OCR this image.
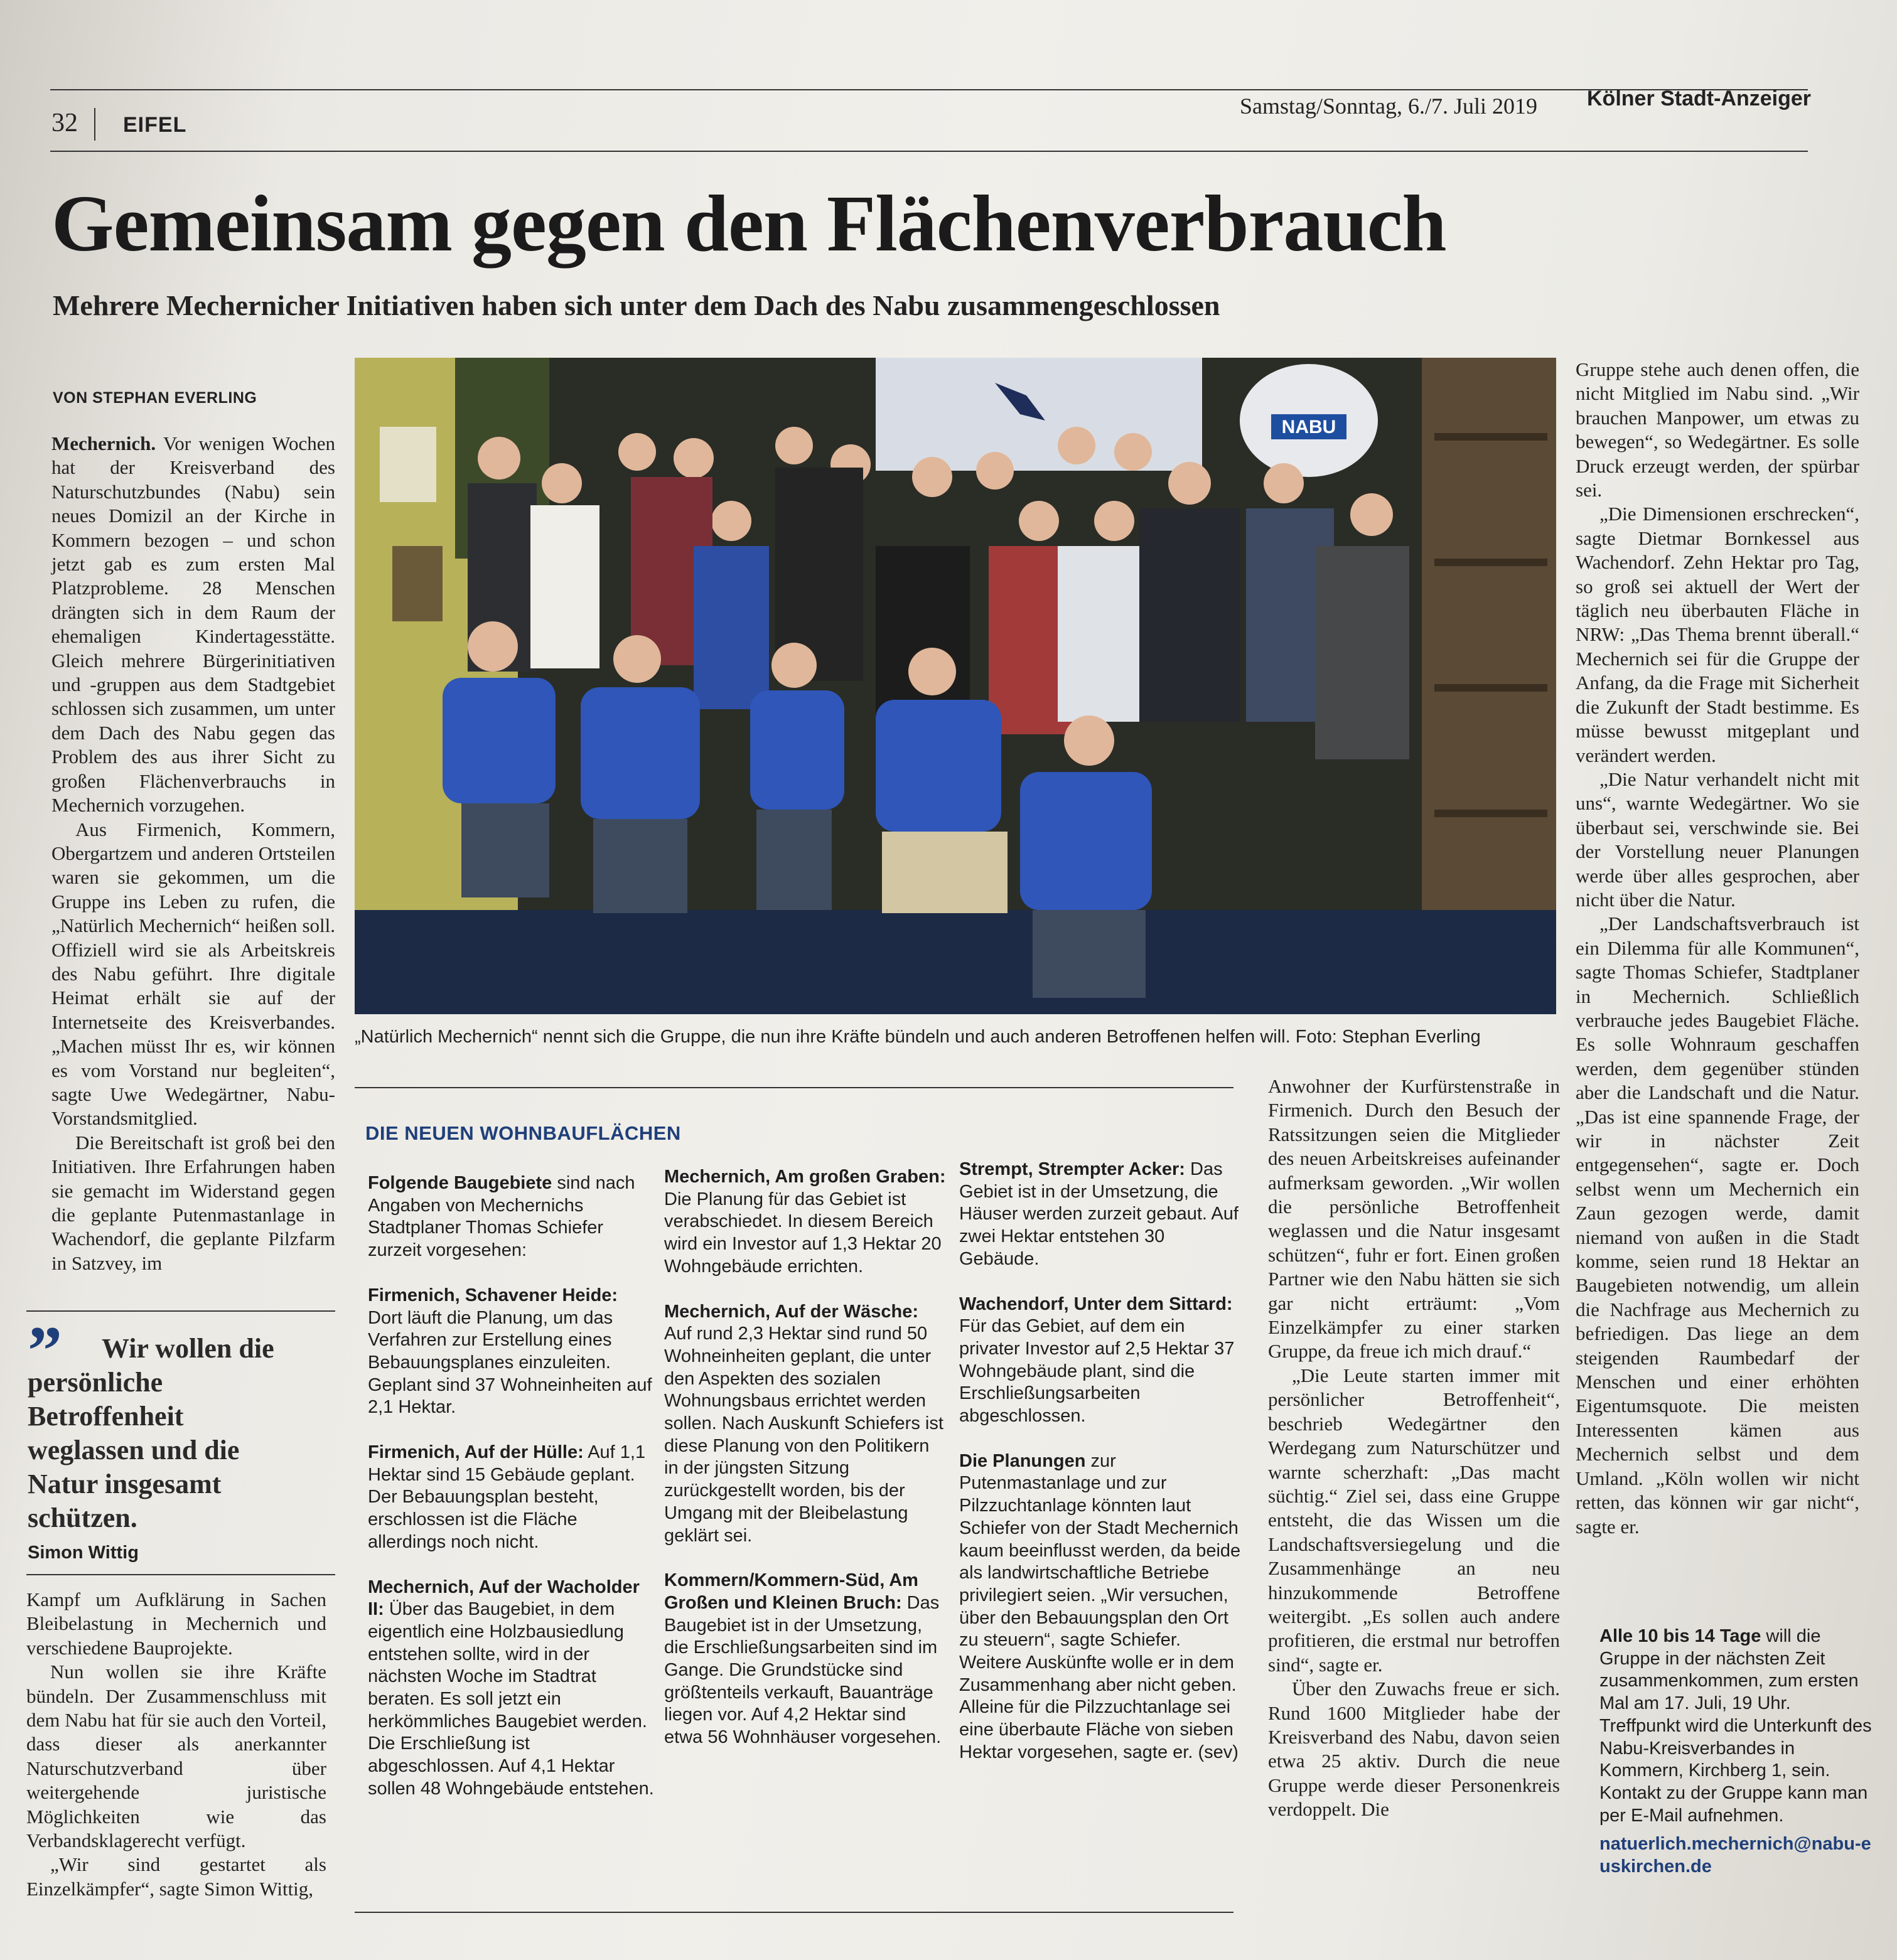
32 EIFEL
Samstag/Sonntag, 6./7. Juli 2019 Kölner Stadt-Anzeiger
Gemeinsam gegen den Flächenverbrauch
Mehrere Mechernicher Initiativen haben sich unter dem Dach des Nabu zusammengeschlossen
VON STEPHAN EVERLING

Mechernich. Vor wenigen Wochen hat der Kreisverband des Naturschutzbundes (Nabu) sein neues Domizil an der Kirche in Kommern bezogen – und schon jetzt gab es zum ersten Mal Platzprobleme. 28 Menschen drängten sich in dem Raum der ehemaligen Kindertagesstätte. Gleich mehrere Bürgerinitiativen und -gruppen aus dem Stadtgebiet schlossen sich zusammen, um unter dem Dach des Nabu gegen das Problem des aus ihrer Sicht zu großen Flächenverbrauchs in Mechernich vorzugehen.

Aus Firmenich, Kommern, Obergartzem und anderen Ortsteilen waren sie gekommen, um die Gruppe ins Leben zu rufen, die „Natürlich Mechernich“ heißen soll. Offiziell wird sie als Arbeitskreis des Nabu geführt. Ihre digitale Heimat erhält sie auf der Internetseite des Kreisverbandes. „Machen müsst Ihr es, wir können es vom Vorstand nur begleiten“, sagte Uwe Wedegärtner, Nabu-Vorstandsmitglied.

Die Bereitschaft ist groß bei den Initiativen. Ihre Erfahrungen haben sie gemacht im Widerstand gegen die geplante Putenmastanlage in Wachendorf, die geplante Pilzfarm in Satzvey, im

”	Wir wollen die persönliche Betroffenheit weglassen und die Natur insgesamt schützen.
Simon Wittig

Kampf um Aufklärung in Sachen Bleibelastung in Mechernich und verschiedene Bauprojekte.

Nun wollen sie ihre Kräfte bündeln. Der Zusammenschluss mit dem Nabu hat für sie auch den Vorteil, dass dieser als anerkannter Naturschutzverband über weitergehende juristische Möglichkeiten wie das Verbandsklagerecht verfügt.

„Wir sind gestartet als Einzelkämpfer“, sagte Simon Wittig,

NABU
„Natürlich Mechernich“ nennt sich die Gruppe, die nun ihre Kräfte bündeln und auch anderen Betroffenen helfen will. Foto: Stephan Everling
DIE NEUEN WOHNBAUFLÄCHEN
Folgende Baugebiete sind nach Angaben von Mechernichs Stadtplaner Thomas Schiefer zurzeit vorgesehen:
Firmenich, Schavener Heide: Dort läuft die Planung, um das Verfahren zur Erstellung eines Bebauungsplanes einzuleiten. Geplant sind 37 Wohneinheiten auf 2,1 Hektar.
Firmenich, Auf der Hülle: Auf 1,1 Hektar sind 15 Gebäude geplant. Der Bebauungsplan besteht, erschlossen ist die Fläche allerdings noch nicht.
Mechernich, Auf der Wacholder II: Über das Baugebiet, in dem eigentlich eine Holzbausiedlung entstehen sollte, wird in der nächsten Woche im Stadtrat beraten. Es soll jetzt ein herkömmliches Baugebiet werden. Die Erschließung ist abgeschlossen. Auf 4,1 Hektar sollen 48 Wohngebäude entstehen.
Mechernich, Am großen Graben: Die Planung für das Gebiet ist verabschiedet. In diesem Bereich wird ein Investor auf 1,3 Hektar 20 Wohngebäude errichten.
Mechernich, Auf der Wäsche: Auf rund 2,3 Hektar sind rund 50 Wohneinheiten geplant, die unter den Aspekten des sozialen Wohnungsbaus errichtet werden sollen. Nach Auskunft Schiefers ist diese Planung von den Politikern in der jüngsten Sitzung zurückgestellt worden, bis der Umgang mit der Bleibelastung geklärt sei.
Kommern/Kommern-Süd, Am Großen und Kleinen Bruch: Das Baugebiet ist in der Umsetzung, die Erschließungsarbeiten sind im Gange. Die Grundstücke sind größtenteils verkauft, Bauanträge liegen vor. Auf 4,2 Hektar sind etwa 56 Wohnhäuser vorgesehen.
Strempt, Strempter Acker: Das Gebiet ist in der Umsetzung, die Häuser werden zurzeit gebaut. Auf zwei Hektar entstehen 30 Gebäude.
Wachendorf, Unter dem Sittard: Für das Gebiet, auf dem ein privater Investor auf 2,5 Hektar 37 Wohngebäude plant, sind die Erschließungsarbeiten abgeschlossen.
Die Planungen zur Putenmastanlage und zur Pilzzuchtanlage könnten laut Schiefer von der Stadt Mechernich kaum beeinflusst werden, da beide als landwirtschaftliche Betriebe privilegiert seien. „Wir versuchen, über den Bebauungsplan den Ort zu steuern“, sagte Schiefer. Weitere Auskünfte wolle er in dem Zusammenhang aber nicht geben. Alleine für die Pilzzuchtanlage sei eine überbaute Fläche von sieben Hektar vorgesehen, sagte er. (sev)

Anwohner der Kurfürstenstraße in Firmenich. Durch den Besuch der Ratssitzungen seien die Mitglieder des neuen Arbeitskreises aufeinander aufmerksam geworden. „Wir wollen die persönliche Betroffenheit weglassen und die Natur insgesamt schützen“, fuhr er fort. Einen großen Partner wie den Nabu hätten sie sich gar nicht erträumt: „Vom Einzelkämpfer zu einer starken Gruppe, da freue ich mich drauf.“

„Die Leute starten immer mit persönlicher Betroffenheit“, beschrieb Wedegärtner den Werdegang zum Naturschützer und warnte scherzhaft: „Das macht süchtig.“ Ziel sei, dass eine Gruppe entsteht, die das Wissen um die Landschaftsversiegelung und die Zusammenhänge an neu hinzukommende Betroffene weitergibt. „Es sollen auch andere profitieren, die erstmal nur betroffen sind“, sagte er.

Über den Zuwachs freue er sich. Rund 1600 Mitglieder habe der Kreisverband des Nabu, davon seien etwa 25 aktiv. Durch die neue Gruppe werde dieser Personenkreis verdoppelt. Die

Gruppe stehe auch denen offen, die nicht Mitglied im Nabu sind. „Wir brauchen Manpower, um etwas zu bewegen“, so Wedegärtner. Es solle Druck erzeugt werden, der spürbar sei.

„Die Dimensionen erschrecken“, sagte Dietmar Bornkessel aus Wachendorf. Zehn Hektar pro Tag, so groß sei aktuell der Wert der täglich neu überbauten Fläche in NRW: „Das Thema brennt überall.“ Mechernich sei für die Gruppe der Anfang, da die Frage mit Sicherheit die Zukunft der Stadt bestimme. Es müsse bewusst mitgeplant und verändert werden.

„Die Natur verhandelt nicht mit uns“, warnte Wedegärtner. Wo sie überbaut sei, verschwinde sie. Bei der Vorstellung neuer Planungen werde über alles gesprochen, aber nicht über die Natur.

„Der Landschaftsverbrauch ist ein Dilemma für alle Kommunen“, sagte Thomas Schiefer, Stadtplaner in Mechernich. Schließlich verbrauche jedes Baugebiet Fläche. Es solle Wohnraum geschaffen werden, dem gegenüber stünden aber die Landschaft und die Natur. „Das ist eine spannende Frage, der wir in nächster Zeit entgegensehen“, sagte er. Doch selbst wenn um Mechernich ein Zaun gezogen werde, damit niemand von außen in die Stadt komme, seien rund 18 Hektar an Baugebieten notwendig, um allein die Nachfrage aus Mechernich zu befriedigen. Das liege an dem steigenden Raumbedarf der Menschen und einer erhöhten Eigentumsquote. Die meisten Interessenten kämen aus Mechernich selbst und dem Umland. „Köln wollen wir nicht retten, das können wir gar nicht“, sagte er.

Alle 10 bis 14 Tage will die Gruppe in der nächsten Zeit zusammenkommen, zum ersten Mal am 17. Juli, 19 Uhr. Treffpunkt wird die Unterkunft des Nabu-Kreisverbandes in Kommern, Kirchberg 1, sein. Kontakt zu der Gruppe kann man per E-Mail aufnehmen.
natuerlich.mechernich@nabu-euskirchen.de
